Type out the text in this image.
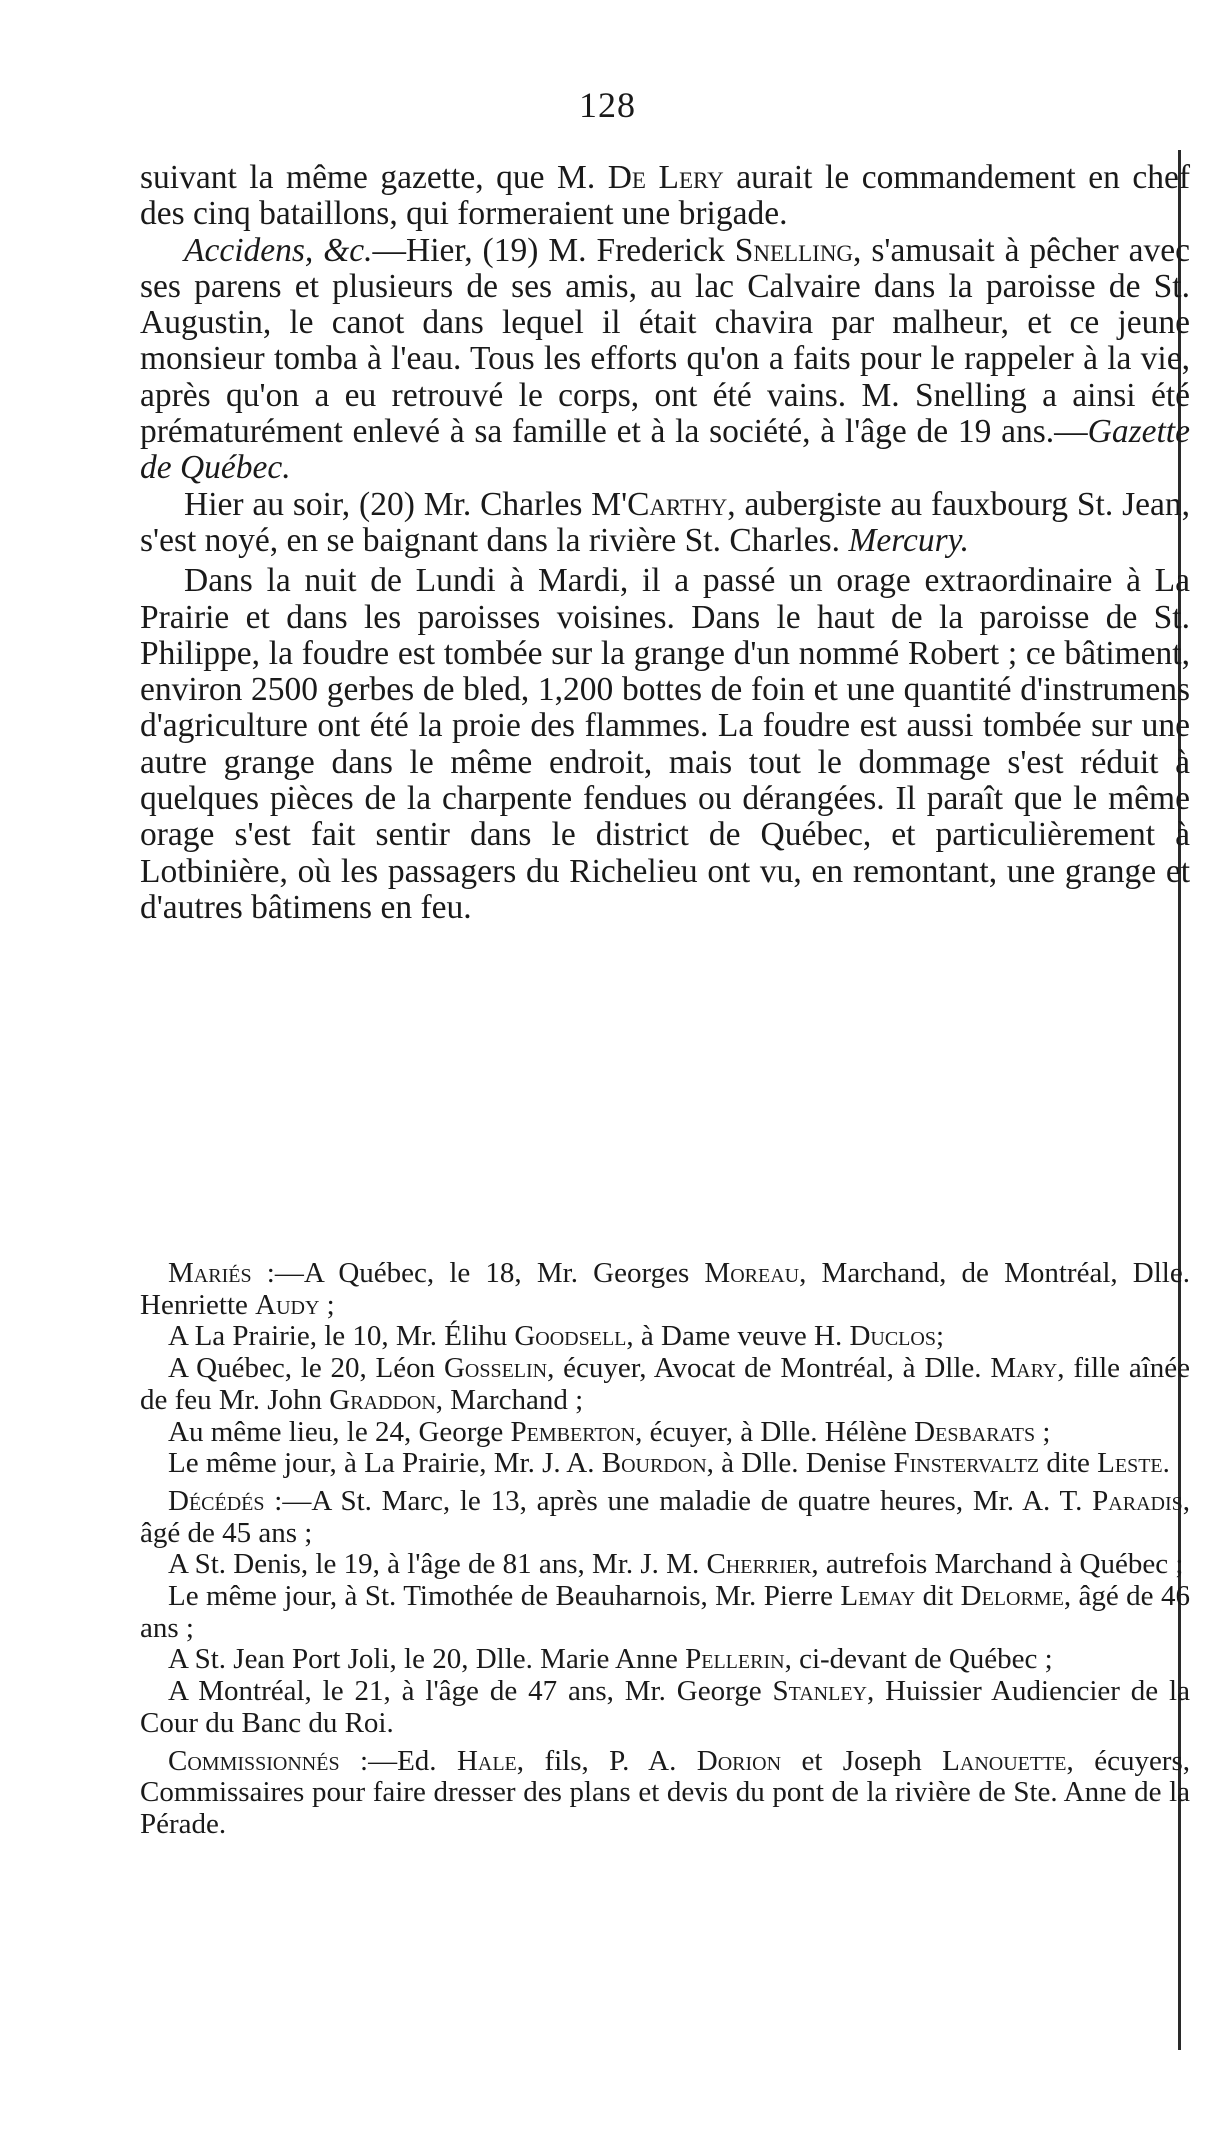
128

suivant la même gazette, que M. De Lery aurait le commandement en chef des cinq bataillons, qui formeraient une brigade.

Accidens, &c.—Hier, (19) M. Frederick Snelling, s'amusait à pêcher avec ses parens et plusieurs de ses amis, au lac Calvaire dans la paroisse de St. Augustin, le canot dans lequel il était chavira par malheur, et ce jeune monsieur tomba à l'eau. Tous les efforts qu'on a faits pour le rappeler à la vie, après qu'on a eu retrouvé le corps, ont été vains. M. Snelling a ainsi été prématurément enlevé à sa famille et à la société, à l'âge de 19 ans.—Gazette de Québec.

Hier au soir, (20) Mr. Charles M'Carthy, aubergiste au fauxbourg St. Jean, s'est noyé, en se baignant dans la rivière St. Charles. Mercury.

Dans la nuit de Lundi à Mardi, il a passé un orage extraordinaire à La Prairie et dans les paroisses voisines. Dans le haut de la paroisse de St. Philippe, la foudre est tombée sur la grange d'un nommé Robert ; ce bâtiment, environ 2500 gerbes de bled, 1,200 bottes de foin et une quantité d'instrumens d'agriculture ont été la proie des flammes. La foudre est aussi tombée sur une autre grange dans le même endroit, mais tout le dommage s'est réduit à quelques pièces de la charpente fendues ou dérangées. Il paraît que le même orage s'est fait sentir dans le district de Québec, et particulièrement à Lotbinière, où les passagers du Richelieu ont vu, en remontant, une grange et d'autres bâtimens en feu.

Mariés :—A Québec, le 18, Mr. Georges Moreau, Marchand, de Montréal, Dlle. Henriette Audy ;

A La Prairie, le 10, Mr. Élihu Goodsell, à Dame veuve H. Duclos;

A Québec, le 20, Léon Gosselin, écuyer, Avocat de Montréal, à Dlle. Mary, fille aînée de feu Mr. John Graddon, Marchand ;

Au même lieu, le 24, George Pemberton, écuyer, à Dlle. Hélène Desbarats ;

Le même jour, à La Prairie, Mr. J. A. Bourdon, à Dlle. Denise Finstervaltz dite Leste.

Décédés :—A St. Marc, le 13, après une maladie de quatre heures, Mr. A. T. Paradis, âgé de 45 ans ;

A St. Denis, le 19, à l'âge de 81 ans, Mr. J. M. Cherrier, autrefois Marchand à Québec ;

Le même jour, à St. Timothée de Beauharnois, Mr. Pierre Lemay dit Delorme, âgé de 46 ans ;

A St. Jean Port Joli, le 20, Dlle. Marie Anne Pellerin, ci-devant de Québec ;

A Montréal, le 21, à l'âge de 47 ans, Mr. George Stanley, Huissier Audiencier de la Cour du Banc du Roi.

Commissionnés :—Ed. Hale, fils, P. A. Dorion et Joseph Lanouette, écuyers, Commissaires pour faire dresser des plans et devis du pont de la rivière de Ste. Anne de la Pérade.
